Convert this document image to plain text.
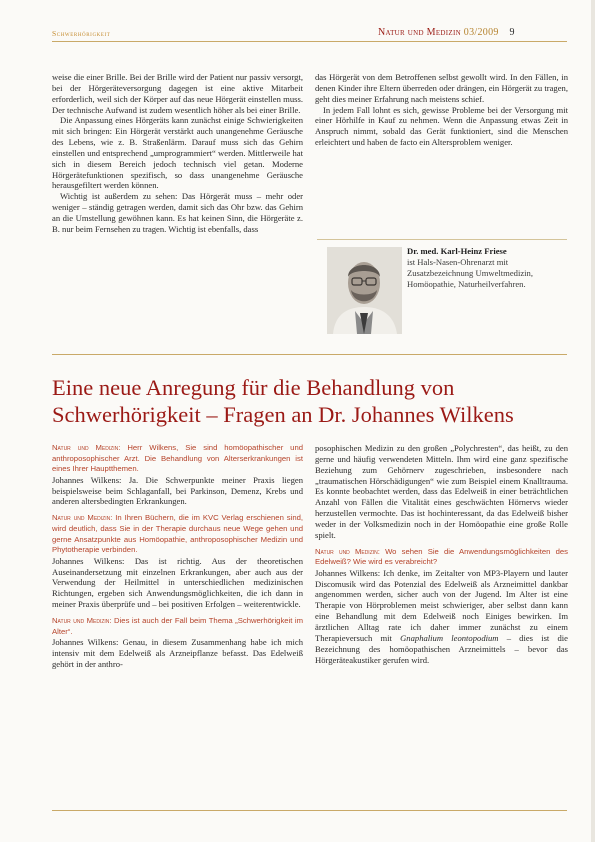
Schwerhörigkeit	Natur und Medizin 03/2009 9

weise die einer Brille. Bei der Brille wird der Patient nur passiv versorgt, bei der Hörgeräteversorgung dagegen ist eine aktive Mitarbeit erforderlich, weil sich der Körper auf das neue Hörgerät einstellen muss. Der technische Aufwand ist zudem wesentlich höher als bei einer Brille.

Die Anpassung eines Hörgeräts kann zunächst einige Schwierigkeiten mit sich bringen: Ein Hörgerät verstärkt auch unangenehme Geräusche des Lebens, wie z. B. Straßenlärm. Darauf muss sich das Gehirn einstellen und entsprechend „umprogrammiert“ werden. Mittlerweile hat sich in diesem Bereich jedoch technisch viel getan. Moderne Hörgerätefunktionen spezifisch, so dass unangenehme Geräusche herausgefiltert werden können.

Wichtig ist außerdem zu sehen: Das Hörgerät muss – mehr oder weniger – ständig getragen werden, damit sich das Ohr bzw. das Gehirn an die Umstellung gewöhnen kann. Es hat keinen Sinn, die Hörgeräte z. B. nur beim Fernsehen zu tragen. Wichtig ist ebenfalls, dass

das Hörgerät von dem Betroffenen selbst gewollt wird. In den Fällen, in denen Kinder ihre Eltern überreden oder drängen, ein Hörgerät zu tragen, geht dies meiner Erfahrung nach meistens schief.

In jedem Fall lohnt es sich, gewisse Probleme bei der Versorgung mit einer Hörhilfe in Kauf zu nehmen. Wenn die Anpassung etwas Zeit in Anspruch nimmt, sobald das Gerät funktioniert, sind die Menschen erleichtert und haben de facto ein Altersproblem weniger.

Dr. med. Karl-Heinz Friese
ist Hals-Nasen-Ohrenarzt mit Zusatzbezeichnung Umweltmedizin, Homöopathie, Naturheilverfahren.
Eine neue Anregung für die Behandlung von
Schwerhörigkeit – Fragen an Dr. Johannes Wilkens

Natur und Medizin: Herr Wilkens, Sie sind homöopathischer und anthroposophischer Arzt. Die Behandlung von Alterserkrankungen ist eines Ihrer Hauptthemen.

Johannes Wilkens: Ja. Die Schwerpunkte meiner Praxis liegen beispielsweise beim Schlaganfall, bei Parkinson, Demenz, Krebs und anderen altersbedingten Erkrankungen.

Natur und Medizin: In Ihren Büchern, die im KVC Verlag erschienen sind, wird deutlich, dass Sie in der Therapie durchaus neue Wege gehen und gerne Ansatzpunkte aus Homöopathie, anthroposophischer Medizin und Phytotherapie verbinden.

Johannes Wilkens: Das ist richtig. Aus der theoretischen Auseinandersetzung mit einzelnen Erkrankungen, aber auch aus der Verwendung der Heilmittel in unterschiedlichen medizinischen Richtungen, ergeben sich Anwendungsmöglichkeiten, die ich dann in meiner Praxis überprüfe und – bei positiven Erfolgen – weiterentwickle.

Natur und Medizin: Dies ist auch der Fall beim Thema „Schwerhörigkeit im Alter“.

Johannes Wilkens: Genau, in diesem Zusammenhang habe ich mich intensiv mit dem Edelweiß als Arzneipflanze befasst. Das Edelweiß gehört in der anthro-

posophischen Medizin zu den großen „Polychresten“, das heißt, zu den gerne und häufig verwendeten Mitteln. Ihm wird eine ganz spezifische Beziehung zum Gehörnerv zugeschrieben, insbesondere nach „traumatischen Hörschädigungen“ wie zum Beispiel einem Knalltrauma. Es konnte beobachtet werden, dass das Edelweiß in einer beträchtlichen Anzahl von Fällen die Vitalität eines geschwächten Hörnervs wieder herzustellen vermochte. Das ist hochinteressant, da das Edelweiß bisher weder in der Volksmedizin noch in der Homöopathie eine große Rolle spielt.

Natur und Medizin: Wo sehen Sie die Anwendungsmöglichkeiten des Edelweiß? Wie wird es verabreicht?

Johannes Wilkens: Ich denke, im Zeitalter von MP3-Playern und lauter Discomusik wird das Potenzial des Edelweiß als Arzneimittel dankbar angenommen werden, sicher auch von der Jugend. Im Alter ist eine Therapie von Hörproblemen meist schwieriger, aber selbst dann kann eine Behandlung mit dem Edelweiß noch Einiges bewirken. Im ärztlichen Alltag rate ich daher immer zunächst zu einem Therapieversuch mit Gnaphalium leontopodium – dies ist die Bezeichnung des homöopathischen Arzneimittels – bevor das Hörgeräteakustiker gerufen wird.
